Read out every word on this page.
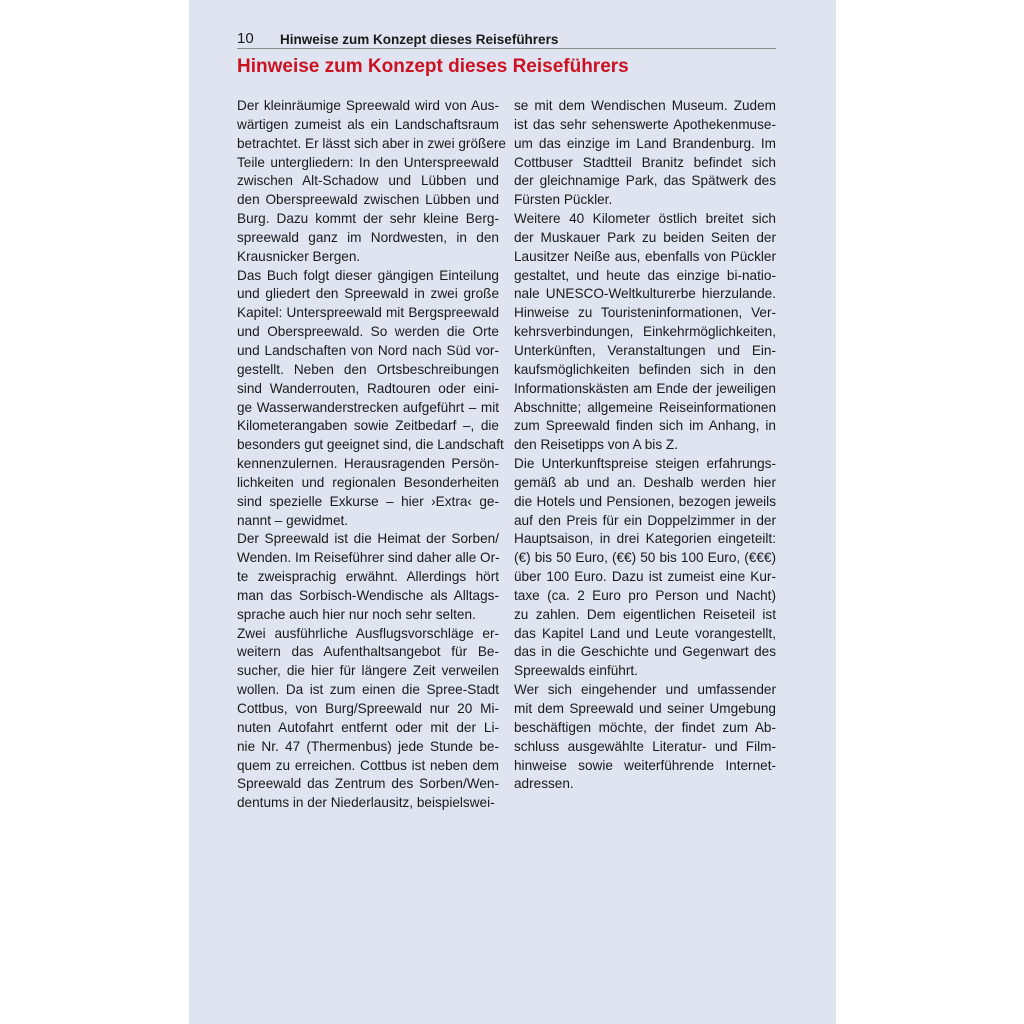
10 Hinweise zum Konzept dieses Reiseführers
Hinweise zum Konzept dieses Reiseführers
Der kleinräumige Spreewald wird von Aus-
wärtigen zumeist als ein Landschaftsraum
betrachtet. Er lässt sich aber in zwei größere
Teile untergliedern: In den Unterspreewald
zwischen Alt-Schadow und Lübben und
den Oberspreewald zwischen Lübben und
Burg. Dazu kommt der sehr kleine Berg-
spreewald ganz im Nordwesten, in den
Krausnicker Bergen.
Das Buch folgt dieser gängigen Einteilung
und gliedert den Spreewald in zwei große
Kapitel: Unterspreewald mit Bergspreewald
und Oberspreewald. So werden die Orte
und Landschaften von Nord nach Süd vor-
gestellt. Neben den Ortsbeschreibungen
sind Wanderrouten, Radtouren oder eini-
ge Wasserwanderstrecken aufgeführt – mit
Kilometerangaben sowie Zeitbedarf –, die
besonders gut geeignet sind, die Landschaft
kennenzulernen. Herausragenden Persön-
lichkeiten und regionalen Besonderheiten
sind spezielle Exkurse – hier ›Extra‹ ge-
nannt – gewidmet.
Der Spreewald ist die Heimat der Sorben/
Wenden. Im Reiseführer sind daher alle Or-
te zweisprachig erwähnt. Allerdings hört
man das Sorbisch-Wendische als Alltags-
sprache auch hier nur noch sehr selten.
Zwei ausführliche Ausflugsvorschläge er-
weitern das Aufenthaltsangebot für Be-
sucher, die hier für längere Zeit verweilen
wollen. Da ist zum einen die Spree-Stadt
Cottbus, von Burg/Spreewald nur 20 Mi-
nuten Autofahrt entfernt oder mit der Li-
nie Nr. 47 (Thermenbus) jede Stunde be-
quem zu erreichen. Cottbus ist neben dem
Spreewald das Zentrum des Sorben/Wen-
dentums in der Niederlausitz, beispielswei-
se mit dem Wendischen Museum. Zudem
ist das sehr sehenswerte Apothekenmuse-
um das einzige im Land Brandenburg. Im
Cottbuser Stadtteil Branitz befindet sich
der gleichnamige Park, das Spätwerk des
Fürsten Pückler.
Weitere 40 Kilometer östlich breitet sich
der Muskauer Park zu beiden Seiten der
Lausitzer Neiße aus, ebenfalls von Pückler
gestaltet, und heute das einzige bi-natio-
nale UNESCO-Weltkulturerbe hierzulande.
Hinweise zu Touristeninformationen, Ver-
kehrsverbindungen, Einkehrmöglichkeiten,
Unterkünften, Veranstaltungen und Ein-
kaufsmöglichkeiten befinden sich in den
Informationskästen am Ende der jeweiligen
Abschnitte; allgemeine Reiseinformationen
zum Spreewald finden sich im Anhang, in
den Reisetipps von A bis Z.
Die Unterkunftspreise steigen erfahrungs-
gemäß ab und an. Deshalb werden hier
die Hotels und Pensionen, bezogen jeweils
auf den Preis für ein Doppelzimmer in der
Hauptsaison, in drei Kategorien eingeteilt:
(€) bis 50 Euro, (€€) 50 bis 100 Euro, (€€€)
über 100 Euro. Dazu ist zumeist eine Kur-
taxe (ca. 2 Euro pro Person und Nacht)
zu zahlen. Dem eigentlichen Reiseteil ist
das Kapitel Land und Leute vorangestellt,
das in die Geschichte und Gegenwart des
Spreewalds einführt.
Wer sich eingehender und umfassender
mit dem Spreewald und seiner Umgebung
beschäftigen möchte, der findet zum Ab-
schluss ausgewählte Literatur- und Film-
hinweise sowie weiterführende Internet-
adressen.
